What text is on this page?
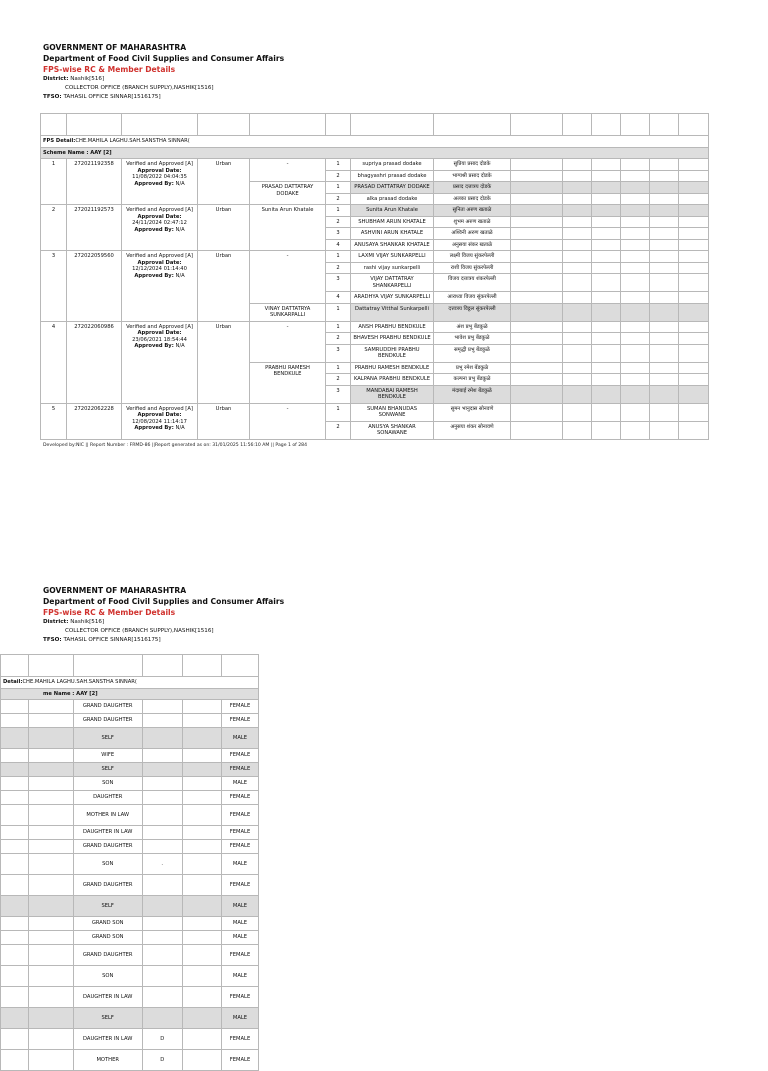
GOVERNMENT OF MAHARASHTRA
Department of Food Civil Supplies and Consumer Affairs
FPS-wise RC & Member Details
District: Nashik[516]
COLLECTOR OFFICE (BRANCH SUPPLY),NASHIK[1516]
TFSO: TAHASIL OFFICE SINNAR[1516175]

FPS Detail:CHE.MAHILA LAGHU.SAH.SANSTHA SINNAR(													
Scheme Name : AAY [2]													
1	272021192358	Verified and Approved [A]
Approval Date:
11/08/2022 04:04:35
Approved By: N/A	Urban	-	1	supriya prasad dodake	सुप्रिया प्रसाद दोडके						
					2	bhagyashri prasad dodake	भाग्यश्री प्रसाद दोडके						
				PRASAD DATTATRAY DODAKE	1	PRASAD DATTATRAY DODAKE	प्रसाद दत्तात्रय दोडके						
					2	alka prasad dodake	अलका प्रसाद दोडके						
2	272021192573	Verified and Approved [A]
Approval Date:
24/11/2024 02:47:12
Approved By: N/A	Urban	Sunita Arun Khatale	1	Sunita Arun Khatale	सुनिता अरुण खताळे						
					2	SHUBHAM ARUN KHATALE	शुभम अरुण खताळे						
					3	ASHVINI ARUN KHATALE	अश्विनी अरुण खताळे						
					4	ANUSAYA SHANKAR KHATALE	अनुसया संकर खताळे						
3	272022059560	Verified and Approved [A]
Approval Date:
12/12/2024 01:14:40
Approved By: N/A	Urban	-	1	LAXMI VIJAY SUNKARPELLI	लक्ष्मी विजय सुंकरपेल्ली						
					2	rashi vijay sunkarpelli	राशी विजय सुंकरपेल्ली						
					3	VIJAY DATTATRAY SHANKARPELLI	विजय दत्तात्रय शंकरपेल्ली						
					4	ARADHYA VIJAY SUNKARPELLI	आराध्या विजय सुंकरपेल्ली						
				VINAY DATTATRYA SUNKARPALLI	1	Dattatray Vitthal Sunkarpelli	दत्तात्रय विठ्ठल सुंकरपेल्ली						
4	272022060986	Verified and Approved [A]
Approval Date:
23/06/2021 18:54:44
Approved By: N/A	Urban	-	1	ANSH PRABHU BENDKULE	अंश प्रभु बेंडकुळे						
					2	BHAVESH PRABHU BENDKULE	भावेश प्रभु बेंडकुळे						
					3	SAMRUDDHI PRABHU BENDKULE	समृद्धी प्रभु बेंडकुळे						
				PRABHU RAMESH BENDKULE	1	PRABHU RAMESH BENDKULE	प्रभु रमेश बेंडकुळे						
					2	KALPANA PRABHU BENDKULE	कल्पना प्रभु बेंडकुळे						
					3	MANDABAI RAMESH BENDKULE	मंदाबाई रमेश बेंडकुळे						
5	272022062228	Verified and Approved [A]
Approval Date:
12/08/2024 11:14:17
Approved By: N/A	Urban	-	1	SUMAN BHANUDAS SONWANE	सुमन भानुदास सोनवणे						
					2	ANUSYA SHANKAR SONAWANE	अनुसया शंकर सोनावणे						
Developed by:NIC || Report Number : FRMD-86 ||Report generated as on: 31/01/2025 11:56:10 AM || Page 1 of 284
GOVERNMENT OF MAHARASHTRA
Department of Food Civil Supplies and Consumer Affairs
FPS-wise RC & Member Details
District: Nashik[516]
COLLECTOR OFFICE (BRANCH SUPPLY),NASHIK[1516]
TFSO: TAHASIL OFFICE SINNAR[1516175]

Detail:CHE.MAHILA LAGHU.SAH.SANSTHA SINNAR(					
me Name : AAY [2]					
		GRAND DAUGHTER			FEMALE
		GRAND DAUGHTER			FEMALE
		SELF			MALE
		WIFE			FEMALE
		SELF			FEMALE
		SON			MALE
		DAUGHTER			FEMALE
		MOTHER IN LAW			FEMALE
		DAUGHTER IN LAW			FEMALE
		GRAND DAUGHTER			FEMALE
		SON	.		MALE
		GRAND DAUGHTER			FEMALE
		SELF			MALE
		GRAND SON			MALE
		GRAND SON			MALE
		GRAND DAUGHTER			FEMALE
		SON			MALE
		DAUGHTER IN LAW			FEMALE
		SELF			MALE
		DAUGHTER IN LAW	D		FEMALE
		MOTHER	D		FEMALE
